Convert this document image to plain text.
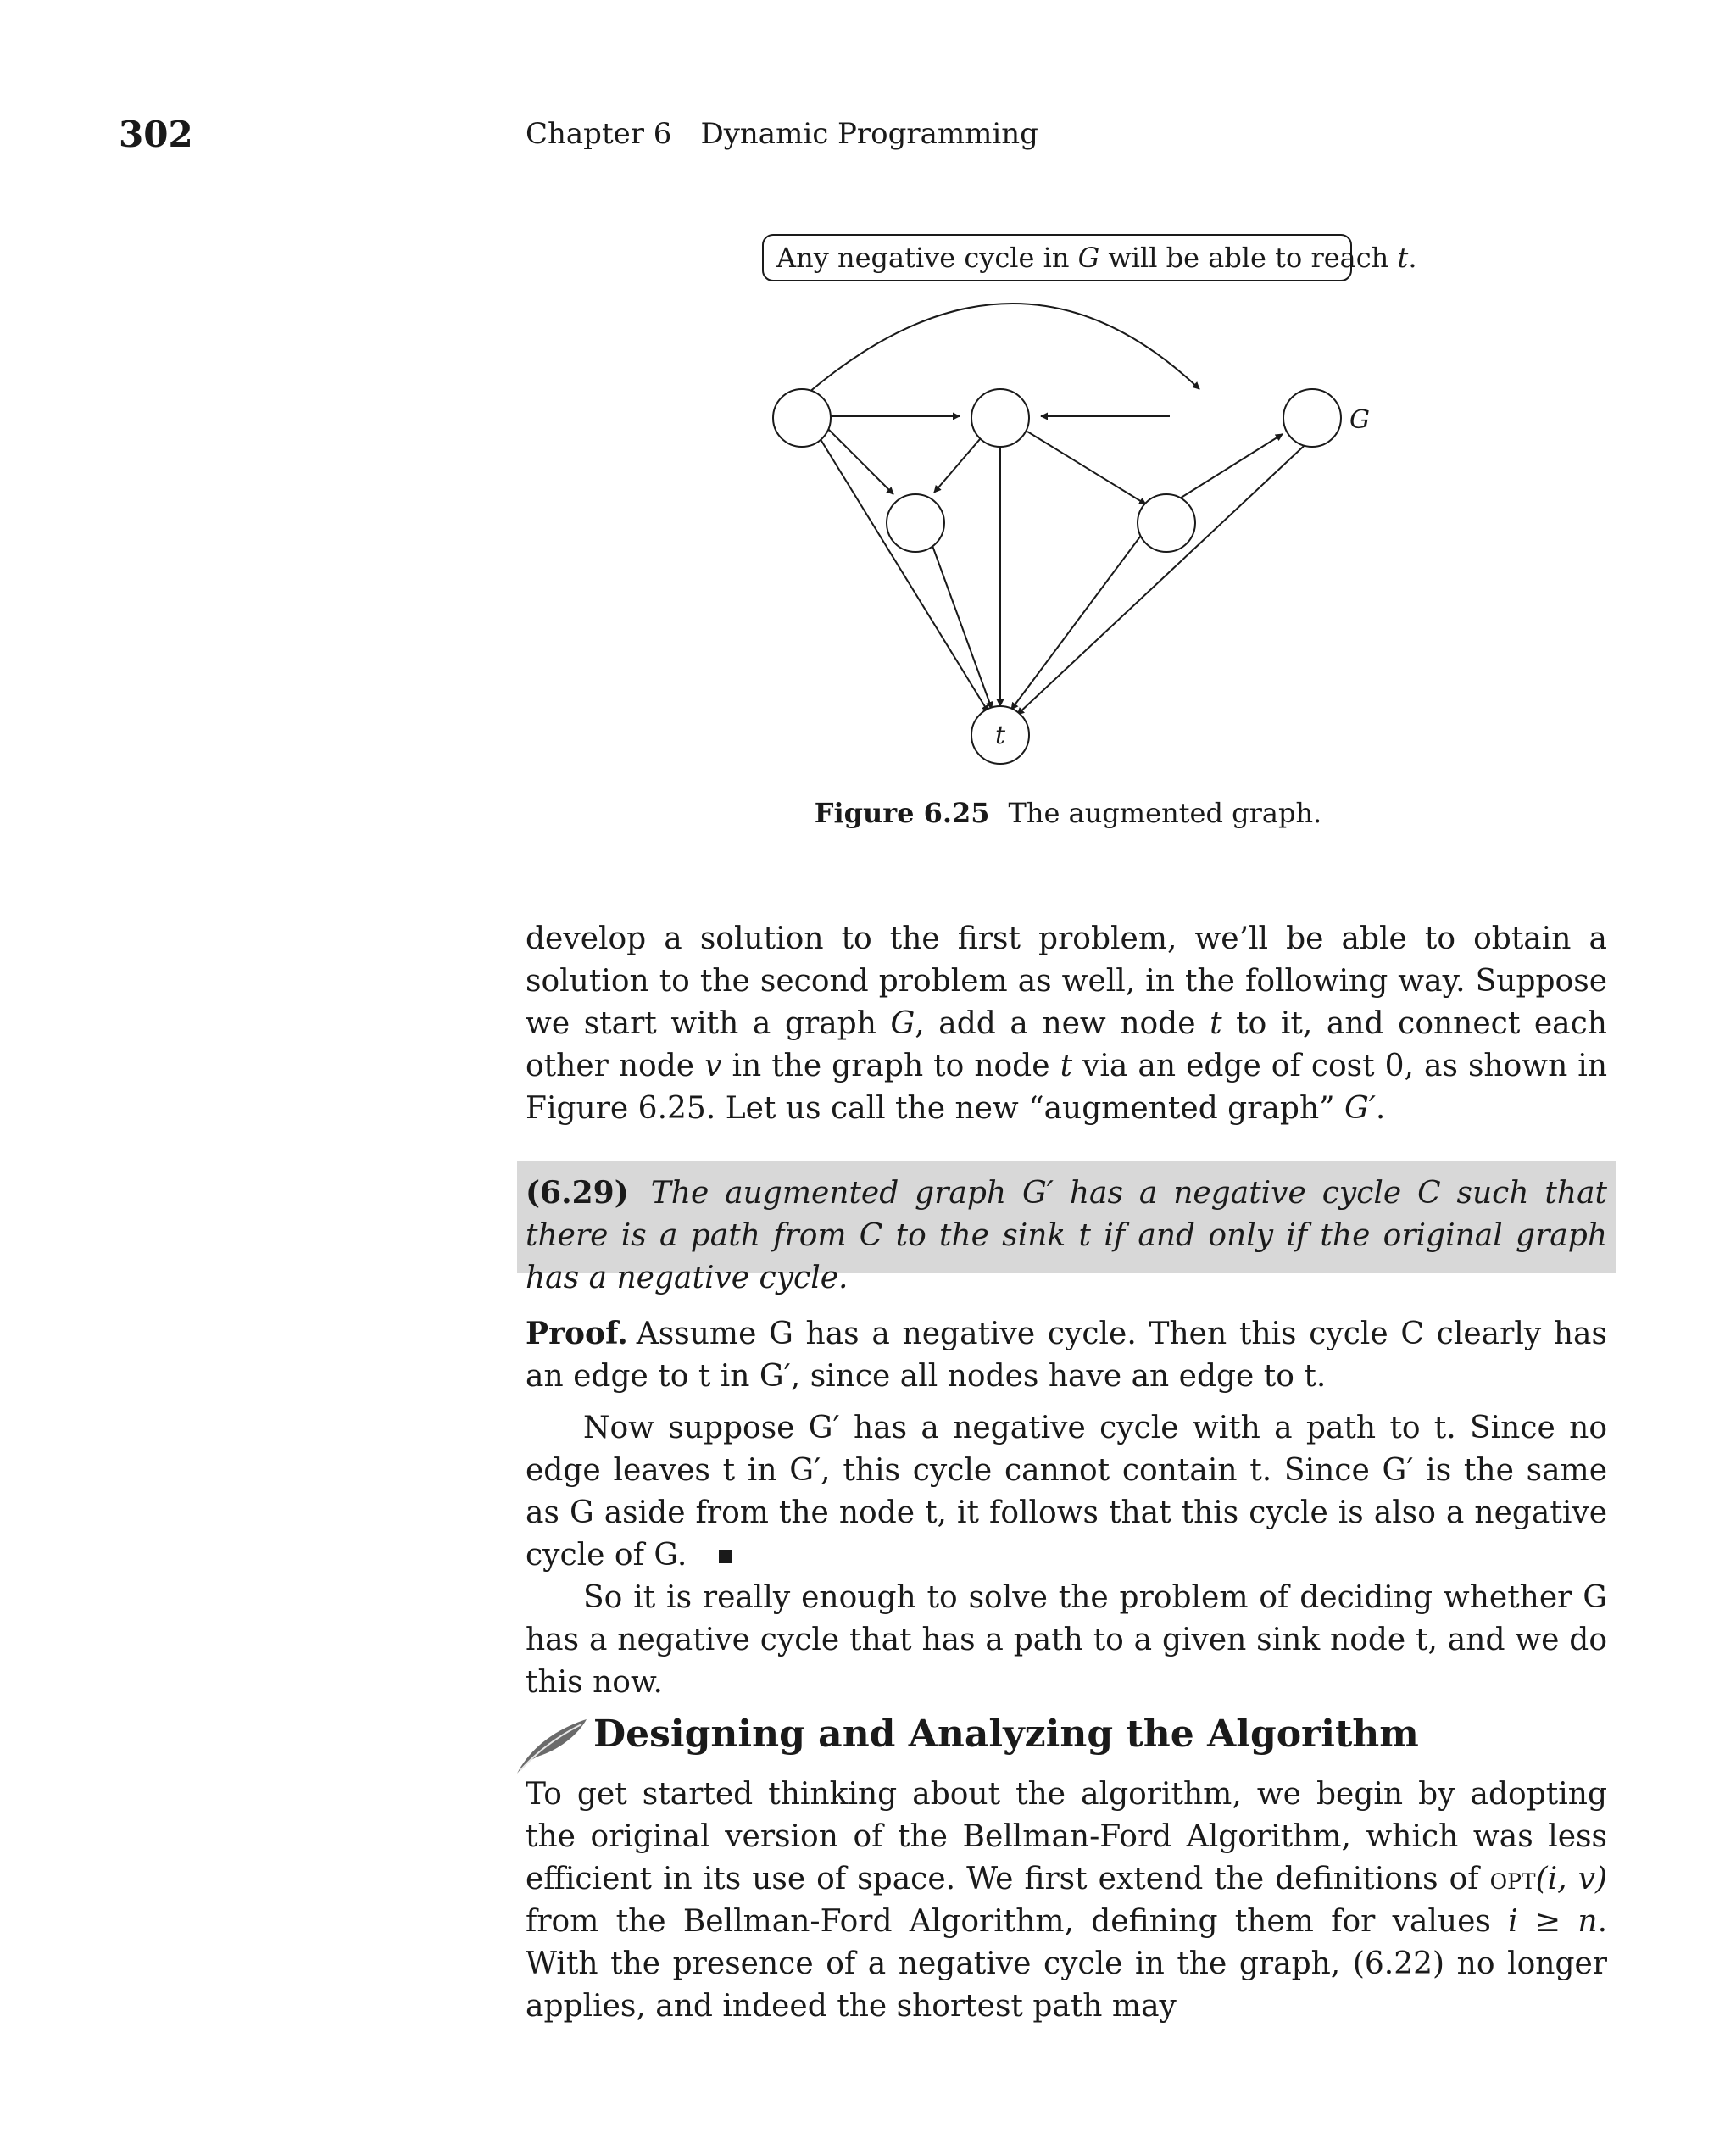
302	Chapter 6 Dynamic Programming
Any negative cycle in G will be able to reach t.
G
t
Figure 6.25 The augmented graph.
develop a solution to the first problem, we’ll be able to obtain a solution to the second problem as well, in the following way. Suppose we start with a graph G, add a new node t to it, and connect each other node v in the graph to node t via an edge of cost 0, as shown in Figure 6.25. Let us call the new “augmented graph” G′.
(6.29) The augmented graph G′ has a negative cycle C such that there is a path from C to the sink t if and only if the original graph has a negative cycle.
Proof. Assume G has a negative cycle. Then this cycle C clearly has an edge to t in G′, since all nodes have an edge to t.
Now suppose G′ has a negative cycle with a path to t. Since no edge leaves t in G′, this cycle cannot contain t. Since G′ is the same as G aside from the node t, it follows that this cycle is also a negative cycle of G.
So it is really enough to solve the problem of deciding whether G has a negative cycle that has a path to a given sink node t, and we do this now.
Designing and Analyzing the Algorithm
To get started thinking about the algorithm, we begin by adopting the original version of the Bellman-Ford Algorithm, which was less efficient in its use of space. We first extend the definitions of opt(i, v) from the Bellman-Ford Algorithm, defining them for values i ≥ n. With the presence of a negative cycle in the graph, (6.22) no longer applies, and indeed the shortest path may
